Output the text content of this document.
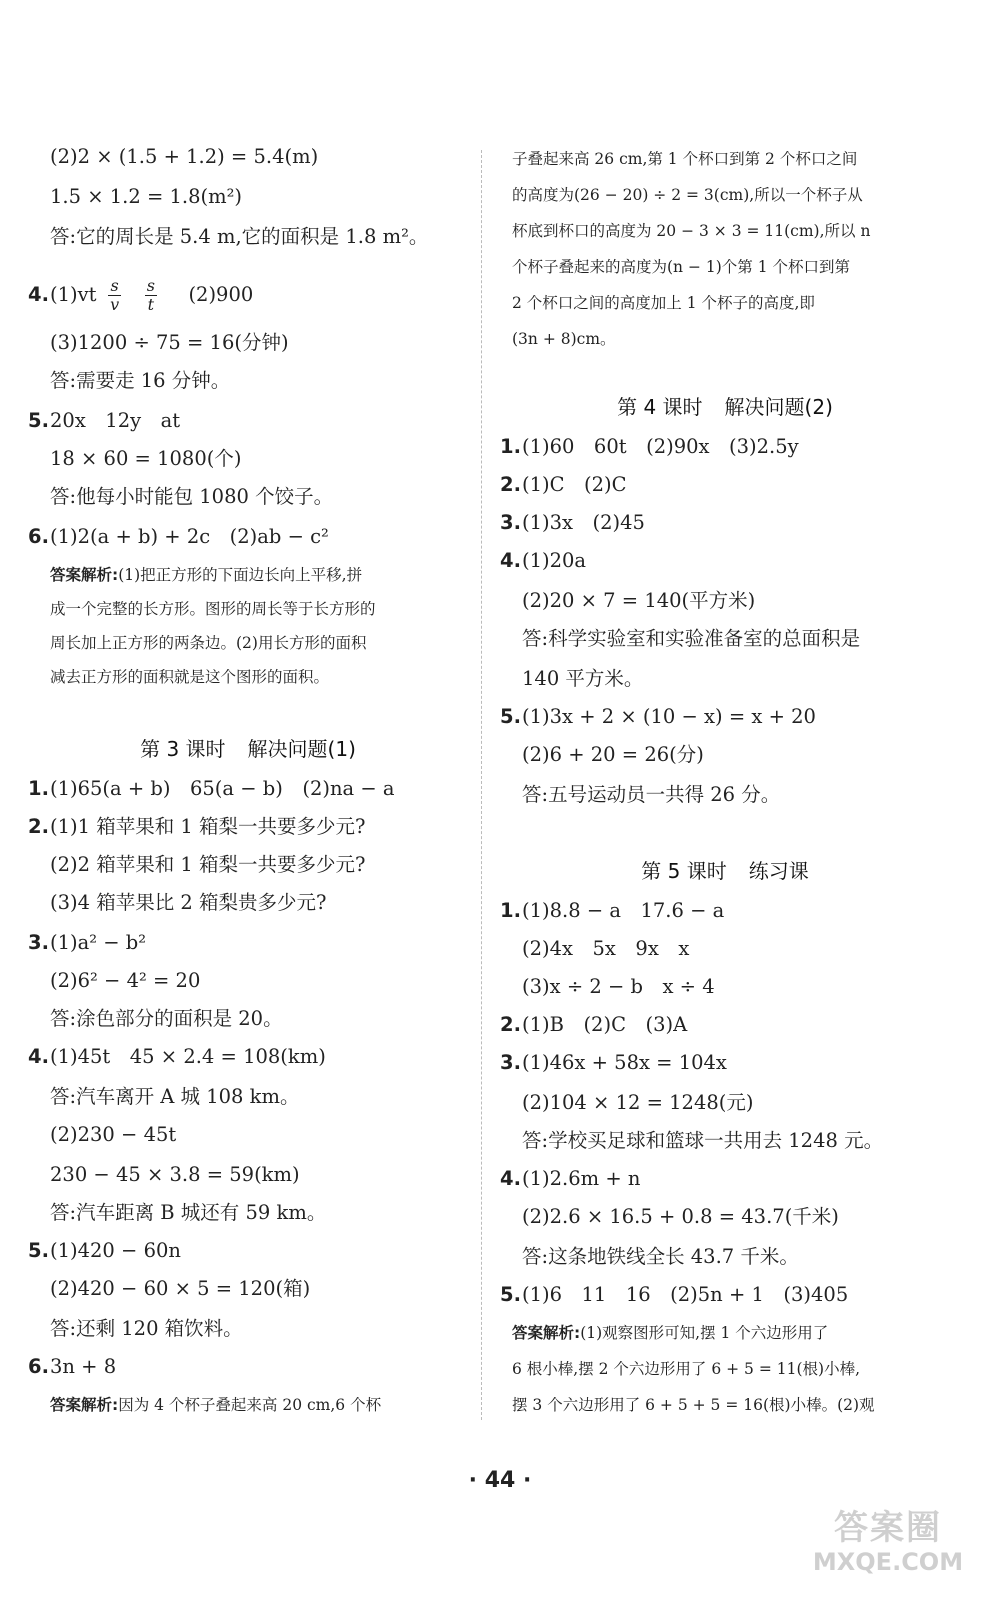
(2)2 × (1.5 + 1.2) = 5.4(m)
1.5 × 1.2 = 1.8(m²)
答:它的周长是 5.4 m,它的面积是 1.8 m²。
$4.(1)vt \frac{s}{v} \frac{s}{t}$
　 (2)900
(3)1200 ÷ 75 = 16(分钟)
答:需要走 16 分钟。
5.20x　12y　at
18 × 60 = 1080(个)
答:他每小时能包 1080 个饺子。
6.(1)2(a + b) + 2c　(2)ab − c²
答案解析:(1)把正方形的下面边长向上平移,拼
成一个完整的长方形。图形的周长等于长方形的
周长加上正方形的两条边。(2)用长方形的面积
减去正方形的面积就是这个图形的面积。
第 3 课时 解决问题(1)
1.(1)65(a + b)　65(a − b)　(2)na − a
2.(1)1 箱苹果和 1 箱梨一共要多少元?
(2)2 箱苹果和 1 箱梨一共要多少元?
(3)4 箱苹果比 2 箱梨贵多少元?
3.(1)a² − b²
(2)6² − 4² = 20
答:涂色部分的面积是 20。
4.(1)45t　45 × 2.4 = 108(km)
答:汽车离开 A 城 108 km。
(2)230 − 45t
230 − 45 × 3.8 = 59(km)
答:汽车距离 B 城还有 59 km。
5.(1)420 − 60n
(2)420 − 60 × 5 = 120(箱)
答:还剩 120 箱饮料。
6.3n + 8
答案解析:因为 4 个杯子叠起来高 20 cm,6 个杯
子叠起来高 26 cm,第 1 个杯口到第 2 个杯口之间
的高度为(26 − 20) ÷ 2 = 3(cm),所以一个杯子从
杯底到杯口的高度为 20 − 3 × 3 = 11(cm),所以 n
个杯子叠起来的高度为(n − 1)个第 1 个杯口到第
2 个杯口之间的高度加上 1 个杯子的高度,即
(3n + 8)cm。
第 4 课时 解决问题(2)
1.(1)60　60t　(2)90x　(3)2.5y
2.(1)C　(2)C
3.(1)3x　(2)45
4.(1)20a
(2)20 × 7 = 140(平方米)
答:科学实验室和实验准备室的总面积是
140 平方米。
5.(1)3x + 2 × (10 − x) = x + 20
(2)6 + 20 = 26(分)
答:五号运动员一共得 26 分。
第 5 课时 练习课
1.(1)8.8 − a　17.6 − a
(2)4x　5x　9x　x
(3)x ÷ 2 − b　x ÷ 4
2.(1)B　(2)C　(3)A
3.(1)46x + 58x = 104x
(2)104 × 12 = 1248(元)
答:学校买足球和篮球一共用去 1248 元。
4.(1)2.6m + n
(2)2.6 × 16.5 + 0.8 = 43.7(千米)
答:这条地铁线全长 43.7 千米。
5.(1)6　11　16　(2)5n + 1　(3)405
答案解析:(1)观察图形可知,摆 1 个六边形用了
6 根小棒,摆 2 个六边形用了 6 + 5 = 11(根)小棒,
摆 3 个六边形用了 6 + 5 + 5 = 16(根)小棒。(2)观
· 44 ·
答案圈
MXQE.COM
